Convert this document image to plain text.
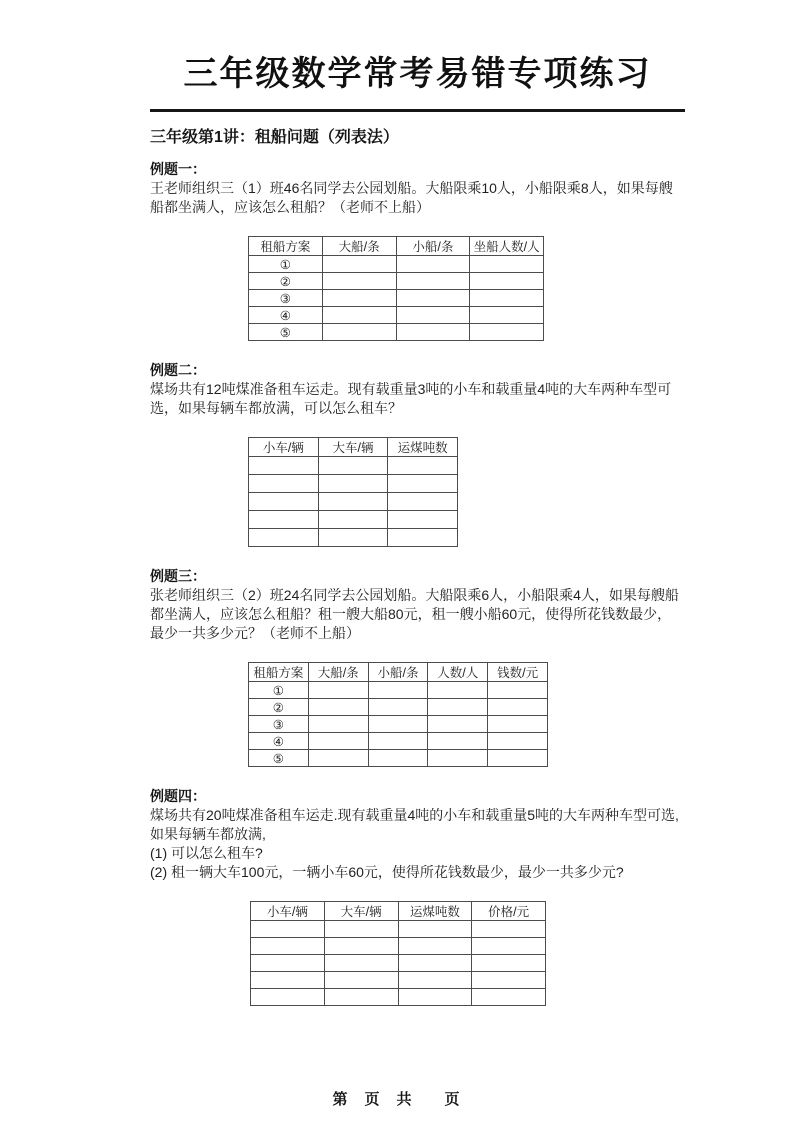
三年级数学常考易错专项练习
三年级第1讲：租船问题（列表法）
例题一：
王老师组织三（1）班46名同学去公园划船。大船限乘10人，小船限乘8人，如果每艘
船都坐满人，应该怎么租船？（老师不上船）
租船方案	大船/条	小船/条	坐船人数/人
①			
②			
③			
④			
⑤			
例题二：
煤场共有12吨煤准备租车运走。现有载重量3吨的小车和载重量4吨的大车两种车型可
选，如果每辆车都放满，可以怎么租车？
小车/辆	大车/辆	运煤吨数

例题三：
张老师组织三（2）班24名同学去公园划船。大船限乘6人，小船限乘4人，如果每艘船
都坐满人，应该怎么租船？租一艘大船80元，租一艘小船60元，使得所花钱数最少，
最少一共多少元？（老师不上船）
租船方案	大船/条	小船/条	人数/人	钱数/元
①				
②				
③				
④				
⑤				
例题四：
煤场共有20吨煤准备租车运走.现有载重量4吨的小车和载重量5吨的大车两种车型可选,
如果每辆车都放满,
(1) 可以怎么租车?
(2) 租一辆大车100元，一辆小车60元，使得所花钱数最少，最少一共多少元?
小车/辆	大车/辆	运煤吨数	价格/元

第　页　共　　页
